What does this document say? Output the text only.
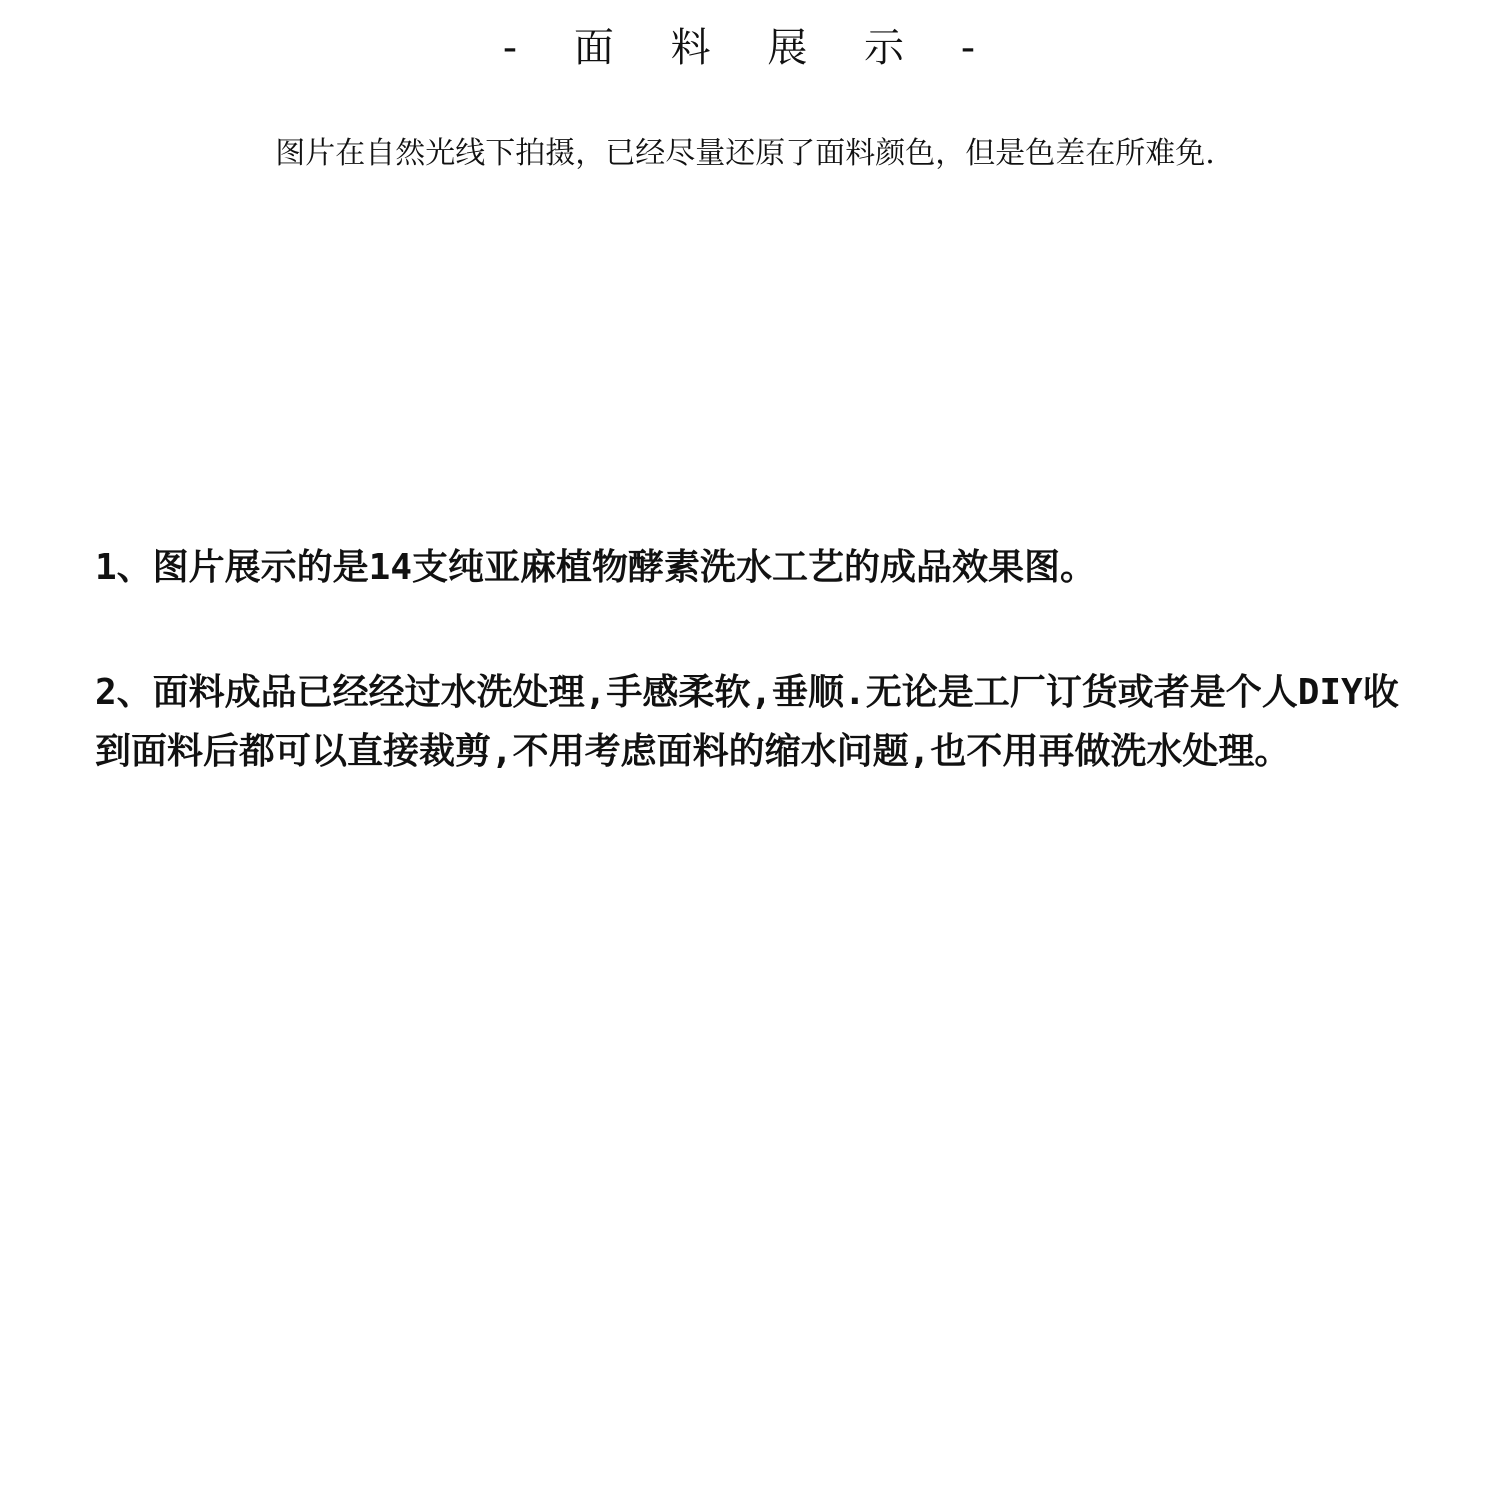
- 面 料 展 示 -
图片在自然光线下拍摄，已经尽量还原了面料颜色，但是色差在所难免.

1、图片展示的是14支纯亚麻植物酵素洗水工艺的成品效果图。

2、面料成品已经经过水洗处理,手感柔软,垂顺.无论是工厂订货或者是个人DIY收到面料后都可以直接裁剪,不用考虑面料的缩水问题,也不用再做洗水处理。
